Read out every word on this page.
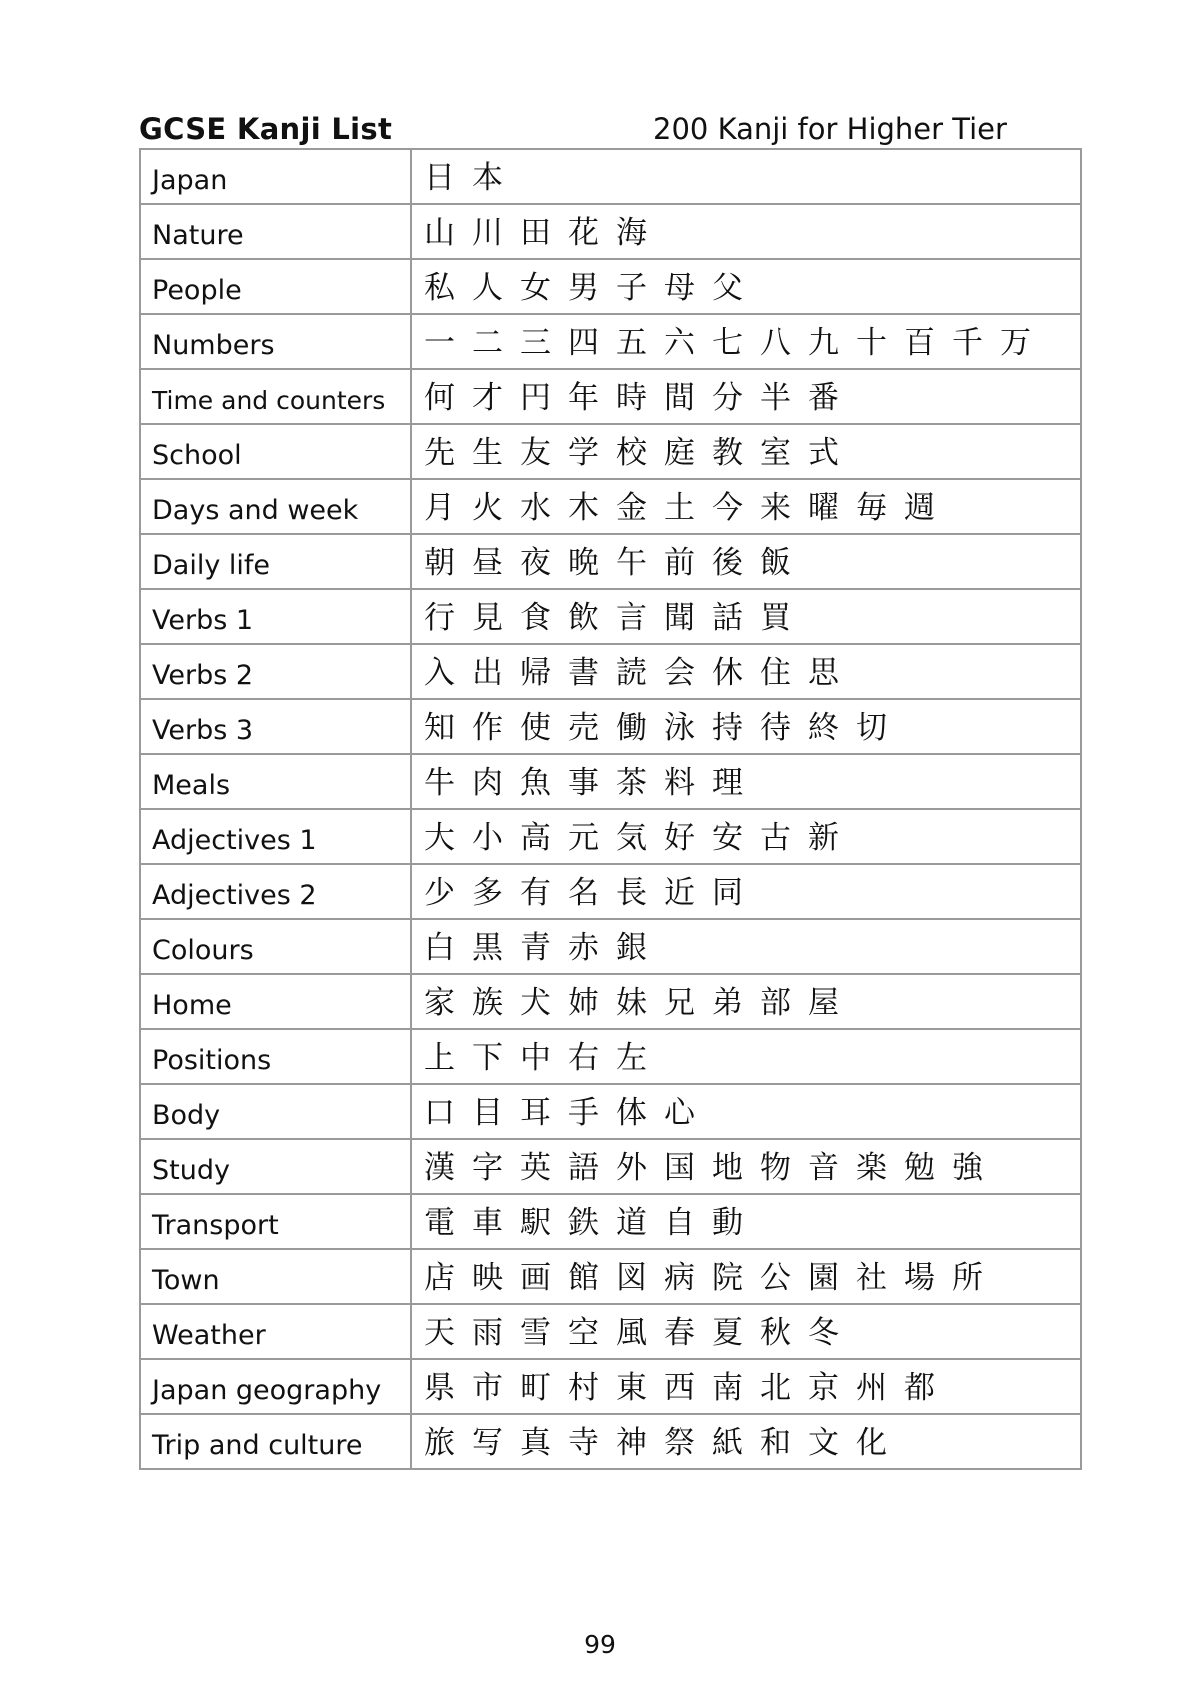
GCSE Kanji List	200 Kanji for Higher Tier
Japan	日本
Nature	山川田花海
People	私人女男子母父
Numbers	一二三四五六七八九十百千万
Time and counters	何才円年時間分半番
School	先生友学校庭教室式
Days and week	月火水木金土今来曜毎週
Daily life	朝昼夜晩午前後飯
Verbs 1	行見食飲言聞話買
Verbs 2	入出帰書読会休住思
Verbs 3	知作使売働泳持待終切
Meals	牛肉魚事茶料理
Adjectives 1	大小高元気好安古新
Adjectives 2	少多有名長近同
Colours	白黒青赤銀
Home	家族犬姉妹兄弟部屋
Positions	上下中右左
Body	口目耳手体心
Study	漢字英語外国地物音楽勉強
Transport	電車駅鉄道自動
Town	店映画館図病院公園社場所
Weather	天雨雪空風春夏秋冬
Japan geography	県市町村東西南北京州都
Trip and culture	旅写真寺神祭紙和文化
99
